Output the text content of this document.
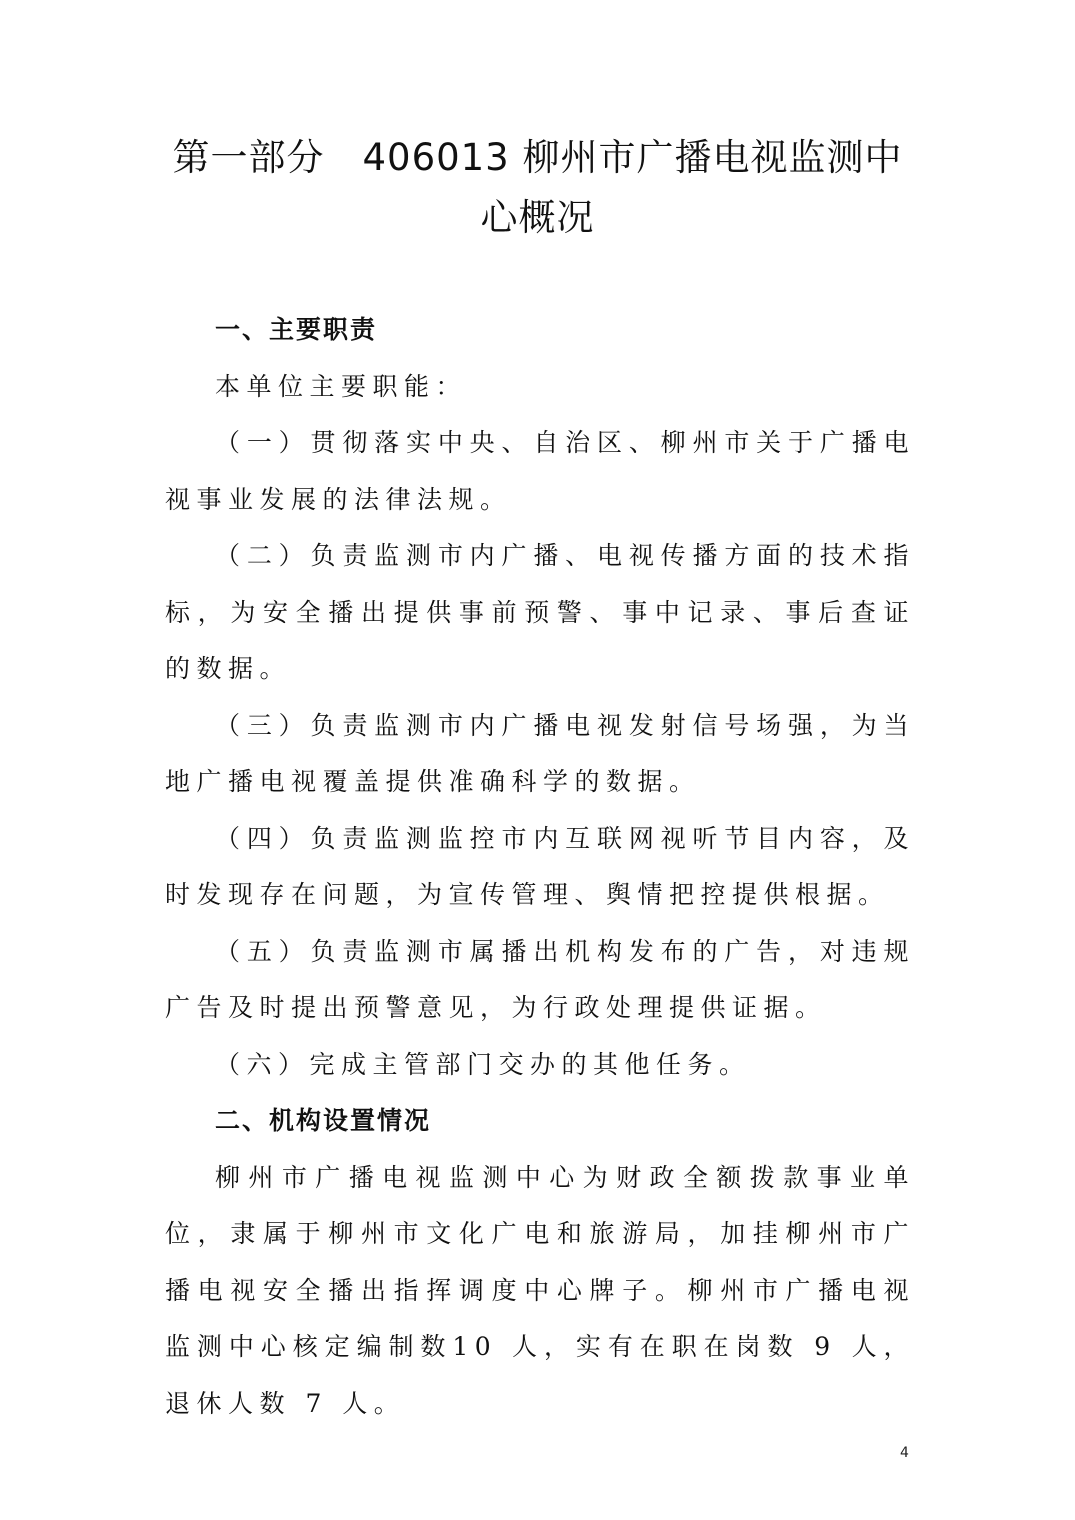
第一部分　406013 柳州市广播电视监测中
心概况

一、主要职责

本单位主要职能：

（一）贯彻落实中央、自治区、柳州市关于广播电视事业发展的法律法规。

（二）负责监测市内广播、电视传播方面的技术指标，为安全播出提供事前预警、事中记录、事后查证的数据。

（三）负责监测市内广播电视发射信号场强，为当地广播电视覆盖提供准确科学的数据。

（四）负责监测监控市内互联网视听节目内容，及时发现存在问题，为宣传管理、舆情把控提供根据。

（五）负责监测市属播出机构发布的广告，对违规广告及时提出预警意见，为行政处理提供证据。

（六）完成主管部门交办的其他任务。

二、机构设置情况

柳州市广播电视监测中心为财政全额拨款事业单位，隶属于柳州市文化广电和旅游局，加挂柳州市广播电视安全播出指挥调度中心牌子。柳州市广播电视监测中心核定编制数10 人，实有在职在岗数 9 人，退休人数 7 人。

4
